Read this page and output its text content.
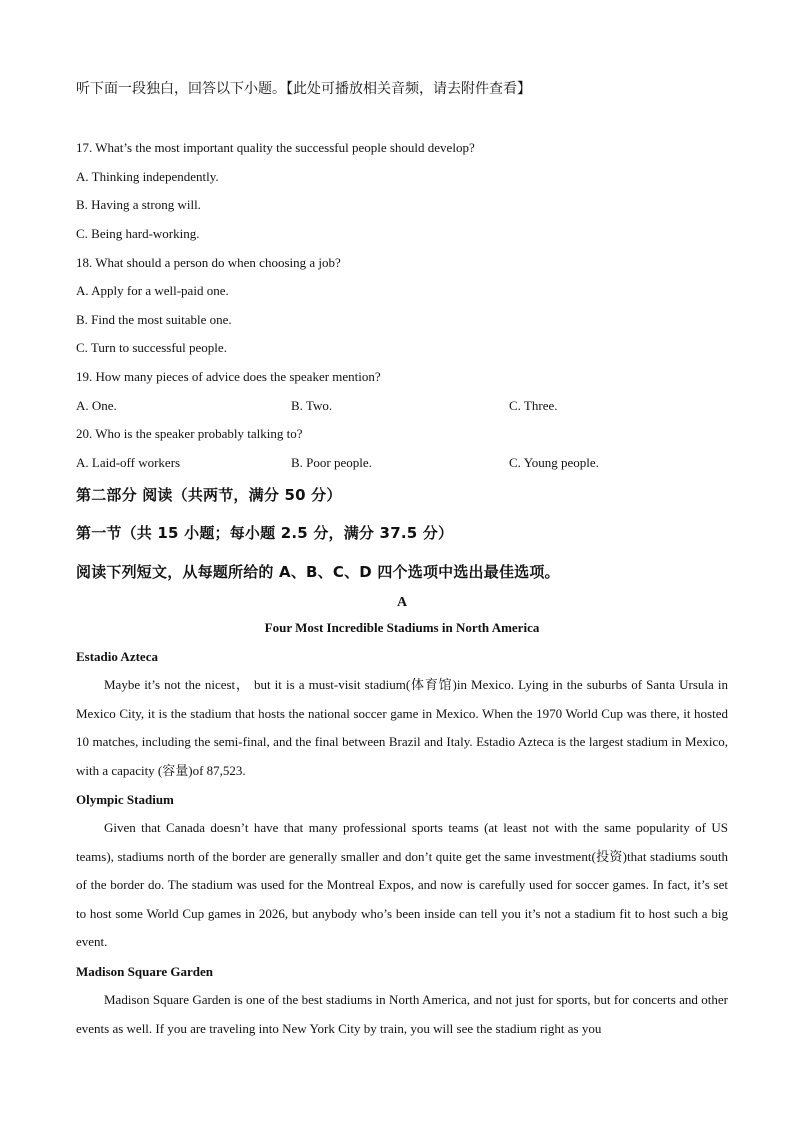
听下面一段独白，回答以下小题。【此处可播放相关音频，请去附件查看】
17. What’s the most important quality the successful people should develop?
A. Thinking independently.
B. Having a strong will.
C. Being hard-working.
18. What should a person do when choosing a job?
A. Apply for a well-paid one.
B. Find the most suitable one.
C. Turn to successful people.
19. How many pieces of advice does the speaker mention?
A. One.	B. Two.	C. Three.
20. Who is the speaker probably talking to?
A. Laid-off workers	B. Poor people.	C. Young people.
第二部分 阅读（共两节，满分 50 分）
第一节（共 15 小题；每小题 2.5 分，满分 37.5 分）
阅读下列短文，从每题所给的 A、B、C、D 四个选项中选出最佳选项。
A
Four Most Incredible Stadiums in North America
Estadio Azteca

Maybe it’s not the nicest， but it is a must-visit stadium(体育馆)in Mexico. Lying in the suburbs of Santa Ursula in Mexico City, it is the stadium that hosts the national soccer game in Mexico. When the 1970 World Cup was there, it hosted 10 matches, including the semi-final, and the final between Brazil and Italy. Estadio Azteca is the largest stadium in Mexico, with a capacity (容量)of 87,523.

Olympic Stadium

Given that Canada doesn’t have that many professional sports teams (at least not with the same popularity of US teams), stadiums north of the border are generally smaller and don’t quite get the same investment(投资)that stadiums south of the border do. The stadium was used for the Montreal Expos, and now is carefully used for soccer games. In fact, it’s set to host some World Cup games in 2026, but anybody who’s been inside can tell you it’s not a stadium fit to host such a big event.

Madison Square Garden

Madison Square Garden is one of the best stadiums in North America, and not just for sports, but for concerts and other events as well. If you are traveling into New York City by train, you will see the stadium right as you
